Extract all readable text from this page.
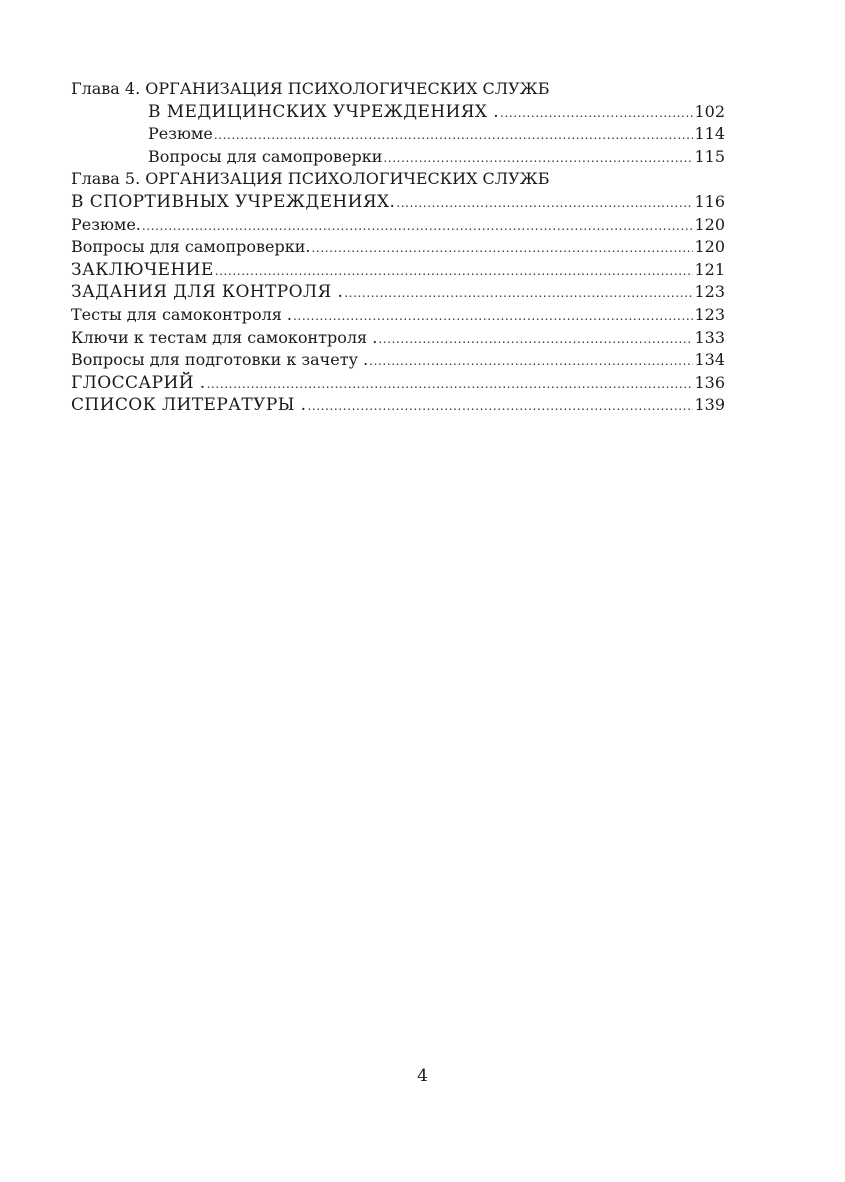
Глава 4. ОРГАНИЗАЦИЯ ПСИХОЛОГИЧЕСКИХ СЛУЖБ
В МЕДИЦИНСКИХ УЧРЕЖДЕНИЯХ . .....	102
Резюме .....	114
Вопросы для самопроверки .....	115
Глава 5. ОРГАНИЗАЦИЯ ПСИХОЛОГИЧЕСКИХ СЛУЖБ
В СПОРТИВНЫХ УЧРЕЖДЕНИЯХ. .....	116
Резюме. .....	120
Вопросы для самопроверки. .....	120
ЗАКЛЮЧЕНИЕ .....	121
ЗАДАНИЯ ДЛЯ КОНТРОЛЯ . .....	123
Тесты для самоконтроля . .....	123
Ключи к тестам для самоконтроля . .....	133
Вопросы для подготовки к зачету . .....	134
ГЛОССАРИЙ . .....	136
СПИСОК ЛИТЕРАТУРЫ . .....	139
4
